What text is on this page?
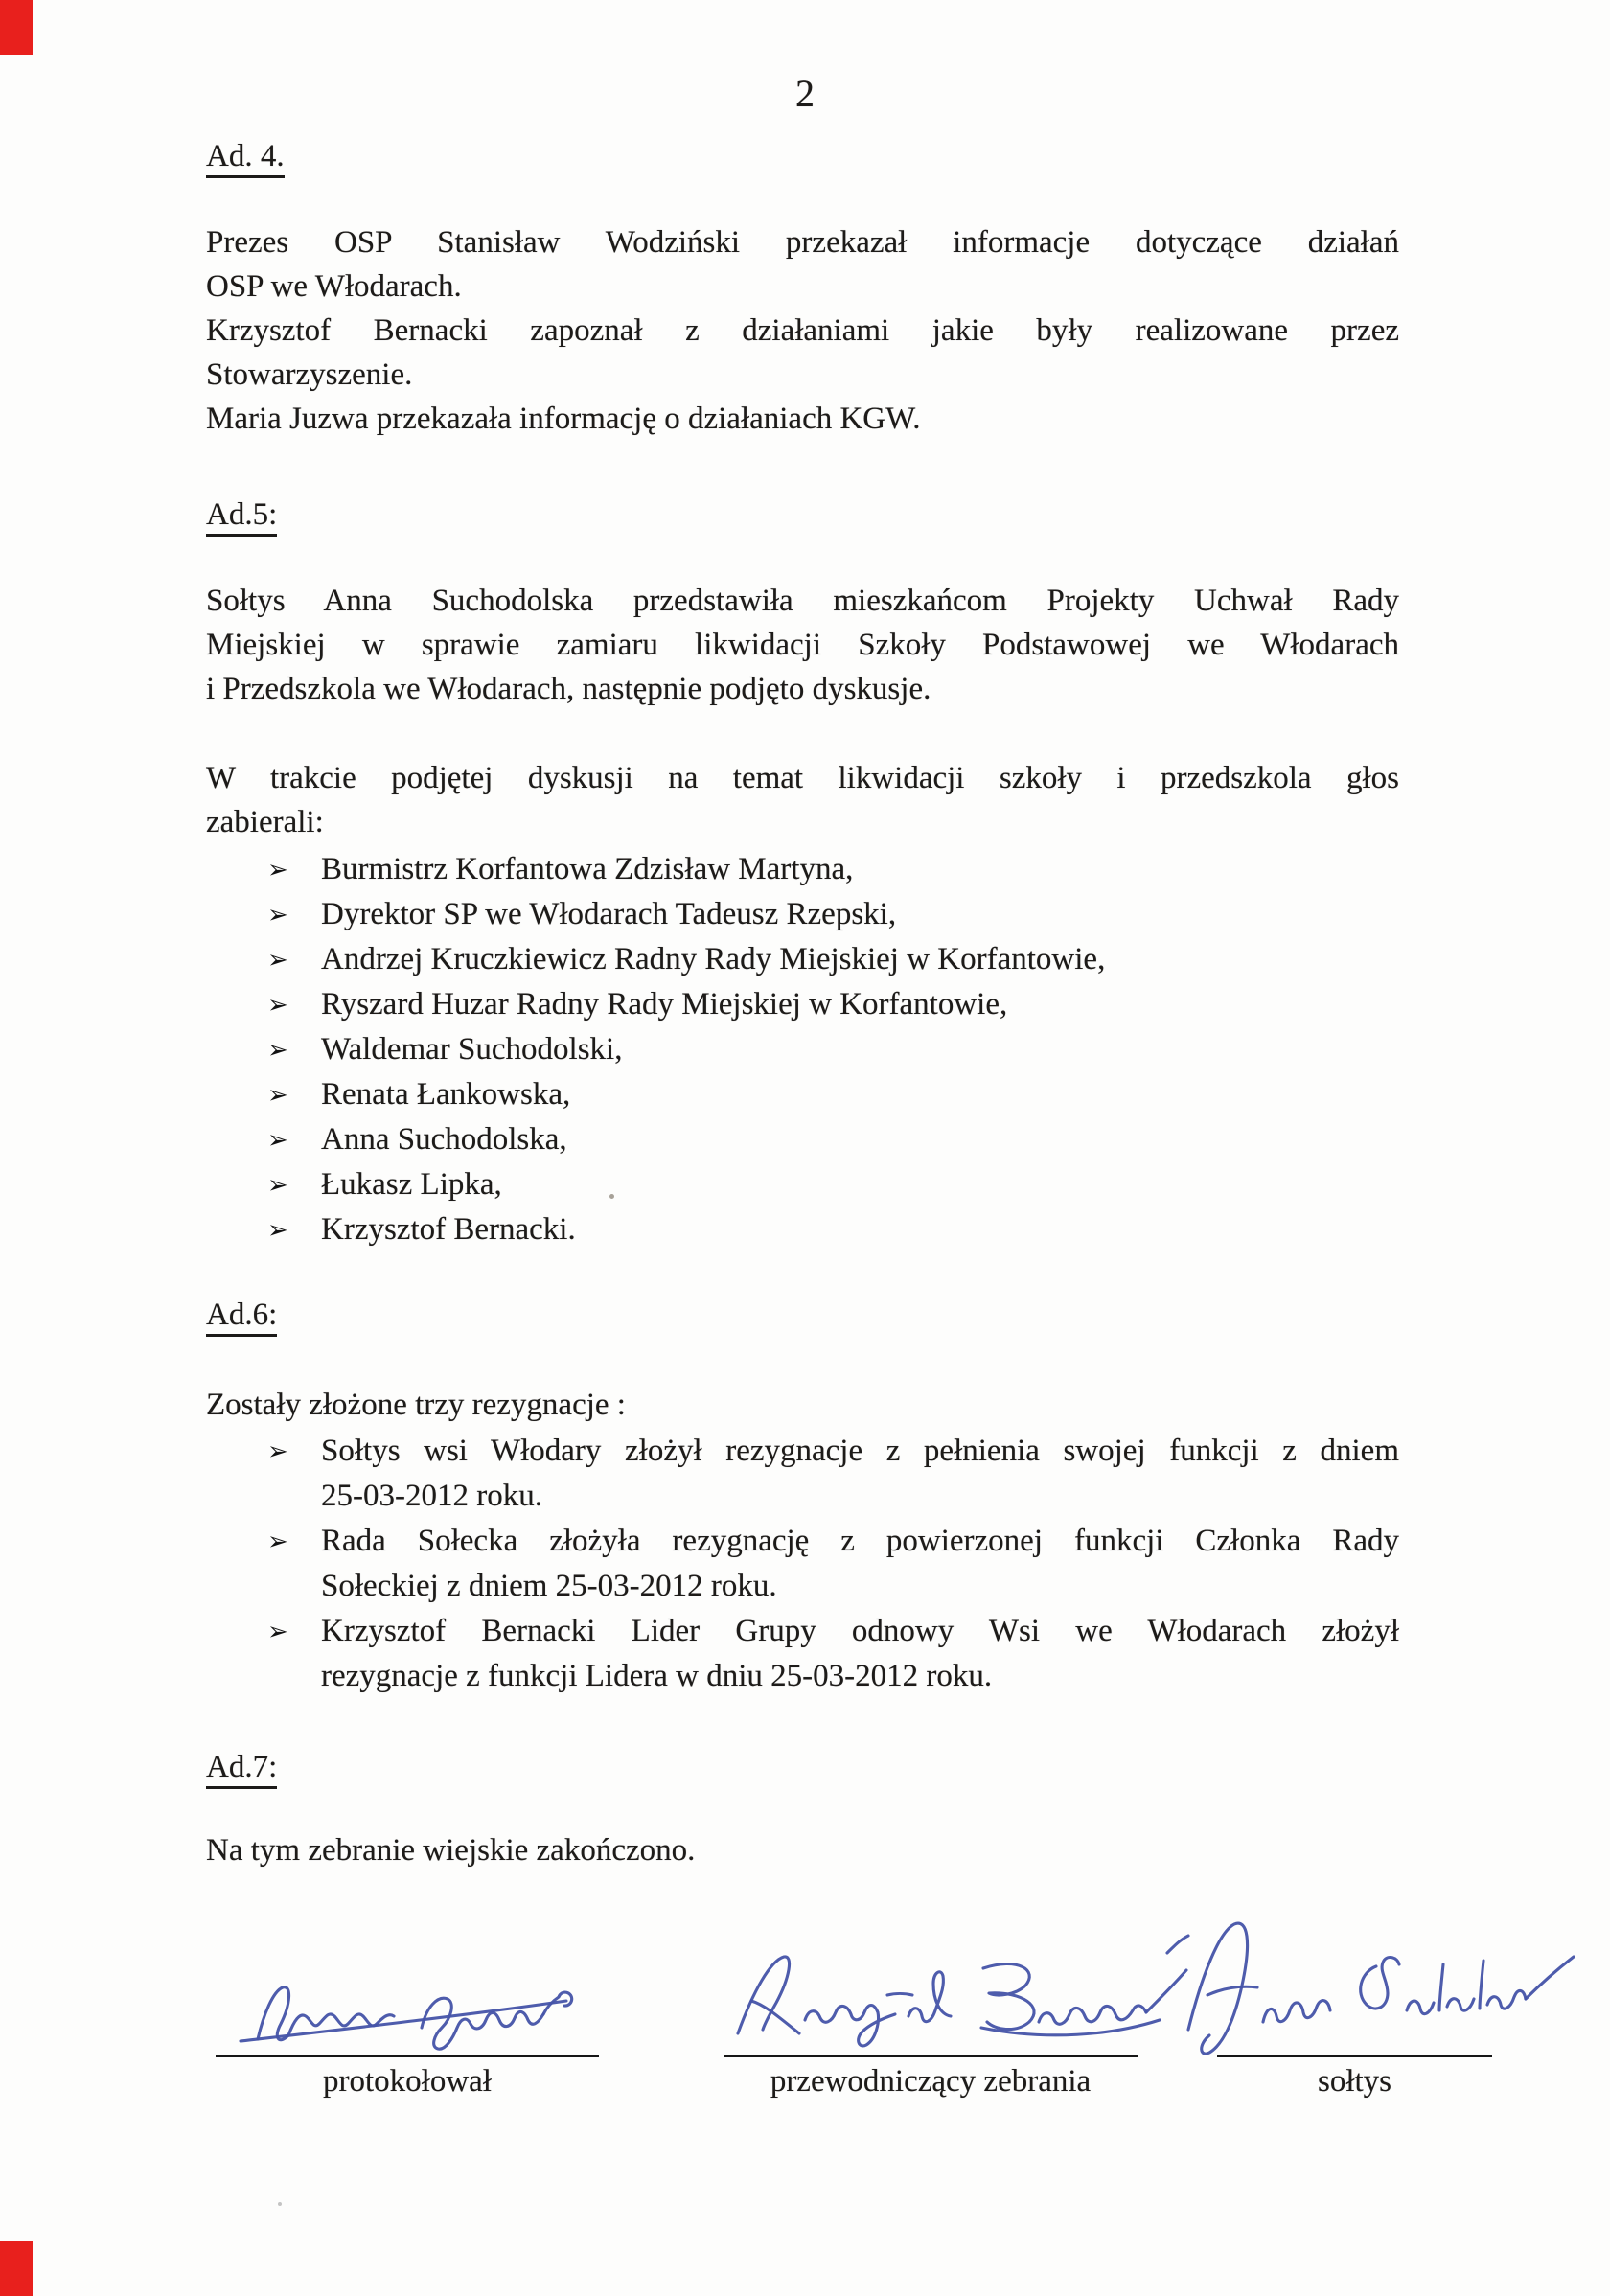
2
Ad. 4.
Prezes OSP Stanisław Wodziński przekazał informacje dotyczące działań
OSP we Włodarach.
Krzysztof Bernacki zapoznał z działaniami jakie były realizowane przez
Stowarzyszenie.
Maria Juzwa przekazała informację o działaniach KGW.
Ad.5:
Sołtys Anna Suchodolska przedstawiła mieszkańcom Projekty Uchwał Rady
Miejskiej w sprawie zamiaru likwidacji Szkoły Podstawowej we Włodarach
i Przedszkola we Włodarach, następnie podjęto dyskusje.
W trakcie podjętej dyskusji na temat likwidacji szkoły i przedszkola głos
zabierali:
➢ Burmistrz Korfantowa Zdzisław Martyna,
➢ Dyrektor SP we Włodarach Tadeusz Rzepski,
➢ Andrzej Kruczkiewicz Radny Rady Miejskiej w Korfantowie,
➢ Ryszard Huzar Radny Rady Miejskiej w Korfantowie,
➢ Waldemar Suchodolski,
➢ Renata Łankowska,
➢ Anna Suchodolska,
➢ Łukasz Lipka,
➢ Krzysztof Bernacki.
Ad.6:
Zostały złożone trzy rezygnacje :
➢ Sołtys wsi Włodary złożył rezygnacje z pełnienia swojej funkcji z dniem
25-03-2012 roku.
➢ Rada Sołecka złożyła rezygnację z powierzonej funkcji Członka Rady
Sołeckiej z dniem 25-03-2012 roku.
➢ Krzysztof Bernacki Lider Grupy odnowy Wsi we Włodarach złożył
rezygnacje z funkcji Lidera w dniu 25-03-2012 roku.
Ad.7:
Na tym zebranie wiejskie zakończono.
protokołował	przewodniczący zebrania	sołtys
